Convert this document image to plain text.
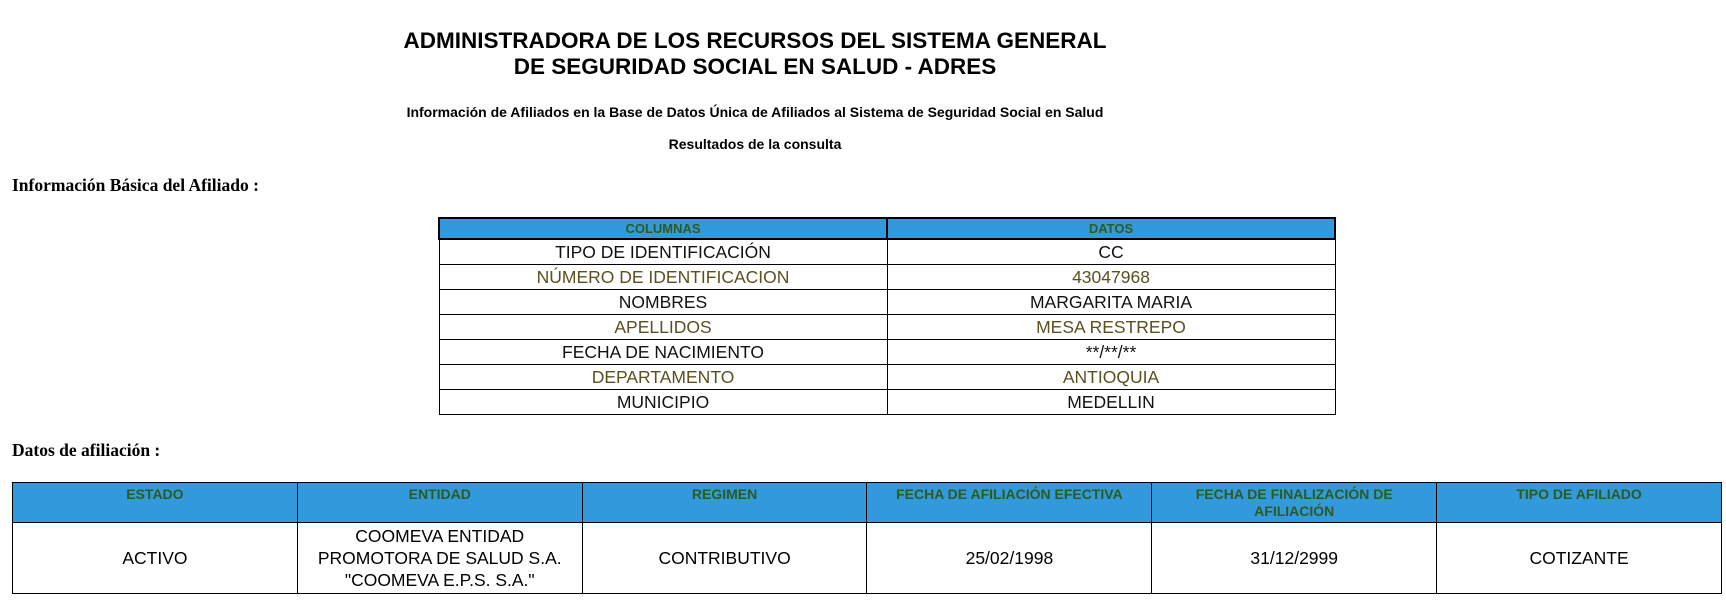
ADMINISTRADORA DE LOS RECURSOS DEL SISTEMA GENERAL
DE SEGURIDAD SOCIAL EN SALUD - ADRES

Información de Afiliados en la Base de Datos Única de Afiliados al Sistema de Seguridad Social en Salud

Resultados de la consulta

Información Básica del Afiliado :
COLUMNAS	DATOS
TIPO DE IDENTIFICACIÓN	CC
NÚMERO DE IDENTIFICACION	43047968
NOMBRES	MARGARITA MARIA
APELLIDOS	MESA RESTREPO
FECHA DE NACIMIENTO	**/**/**
DEPARTAMENTO	ANTIOQUIA
MUNICIPIO	MEDELLIN
Datos de afiliación :
ESTADO	ENTIDAD	REGIMEN	FECHA DE AFILIACIÓN EFECTIVA	FECHA DE FINALIZACIÓN DE AFILIACIÓN	TIPO DE AFILIADO
ACTIVO	COOMEVA ENTIDAD PROMOTORA DE SALUD S.A. "COOMEVA E.P.S. S.A."	CONTRIBUTIVO	25/02/1998	31/12/2999	COTIZANTE
